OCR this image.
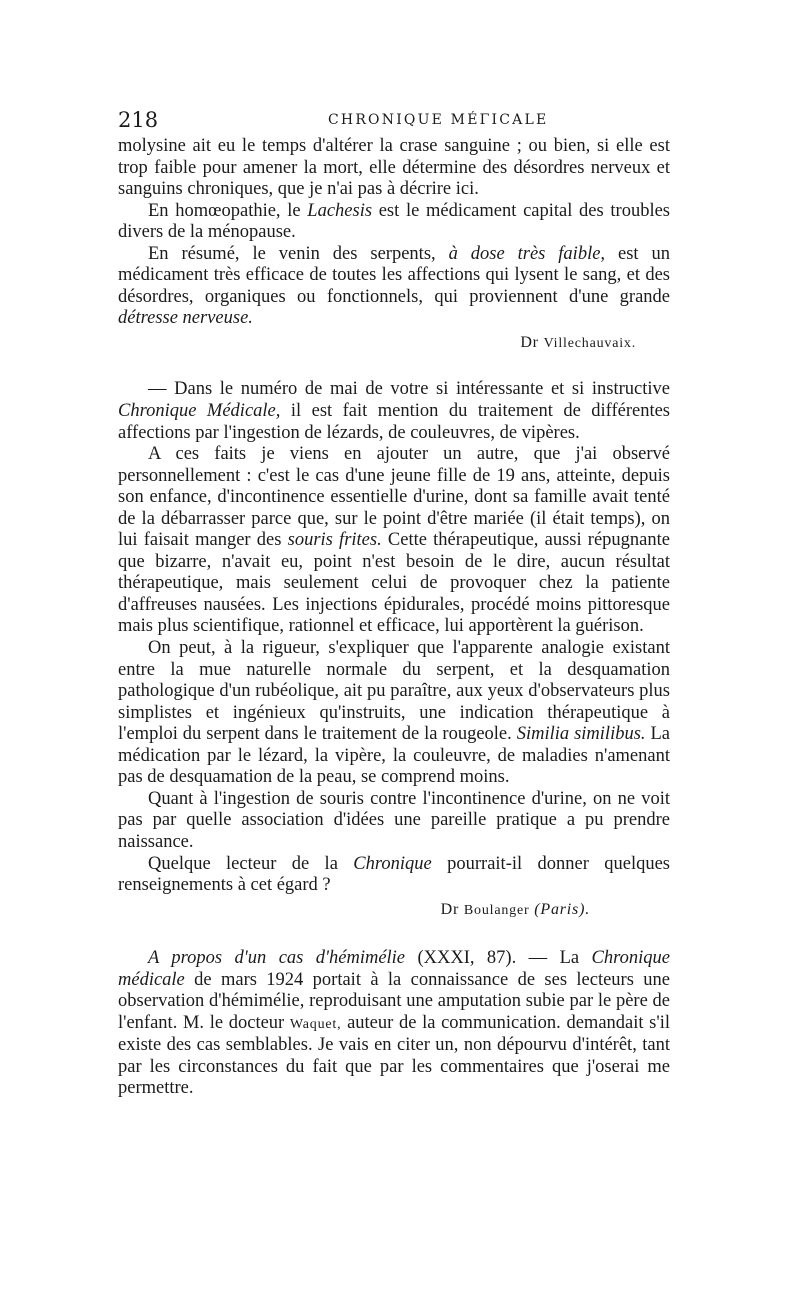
218	CHRONIQUE MÉΓICALE

molysine ait eu le temps d'altérer la crase sanguine ; ou bien, si elle est trop faible pour amener la mort, elle détermine des désordres nerveux et sanguins chroniques, que je n'ai pas à décrire ici.

En homœopathie, le Lachesis est le médicament capital des troubles divers de la ménopause.

En résumé, le venin des serpents, à dose très faible, est un médicament très efficace de toutes les affections qui lysent le sang, et des désordres, organiques ou fonctionnels, qui proviennent d'une grande détresse nerveuse.

Dr Villechauvaix.

— Dans le numéro de mai de votre si intéressante et si instructive Chronique Médicale, il est fait mention du traitement de différentes affections par l'ingestion de lézards, de couleuvres, de vipères.

A ces faits je viens en ajouter un autre, que j'ai observé personnellement : c'est le cas d'une jeune fille de 19 ans, atteinte, depuis son enfance, d'incontinence essentielle d'urine, dont sa famille avait tenté de la débarrasser parce que, sur le point d'être mariée (il était temps), on lui faisait manger des souris frites. Cette thérapeutique, aussi répugnante que bizarre, n'avait eu, point n'est besoin de le dire, aucun résultat thérapeutique, mais seulement celui de provoquer chez la patiente d'affreuses nausées. Les injections épidurales, procédé moins pittoresque mais plus scientifique, rationnel et efficace, lui apportèrent la guérison.

On peut, à la rigueur, s'expliquer que l'apparente analogie existant entre la mue naturelle normale du serpent, et la desquamation pathologique d'un rubéolique, ait pu paraître, aux yeux d'observateurs plus simplistes et ingénieux qu'instruits, une indication thérapeutique à l'emploi du serpent dans le traitement de la rougeole. Similia similibus. La médication par le lézard, la vipère, la couleuvre, de maladies n'amenant pas de desquamation de la peau, se comprend moins.

Quant à l'ingestion de souris contre l'incontinence d'urine, on ne voit pas par quelle association d'idées une pareille pratique a pu prendre naissance.

Quelque lecteur de la Chronique pourrait-il donner quelques renseignements à cet égard ?

Dr Boulanger (Paris).

A propos d'un cas d'hémimélie (XXXI, 87). — La Chronique médicale de mars 1924 portait à la connaissance de ses lecteurs une observation d'hémimélie, reproduisant une amputation subie par le père de l'enfant. M. le docteur Waquet, auteur de la communication. demandait s'il existe des cas semblables. Je vais en citer un, non dépourvu d'intérêt, tant par les circonstances du fait que par les commentaires que j'oserai me permettre.
